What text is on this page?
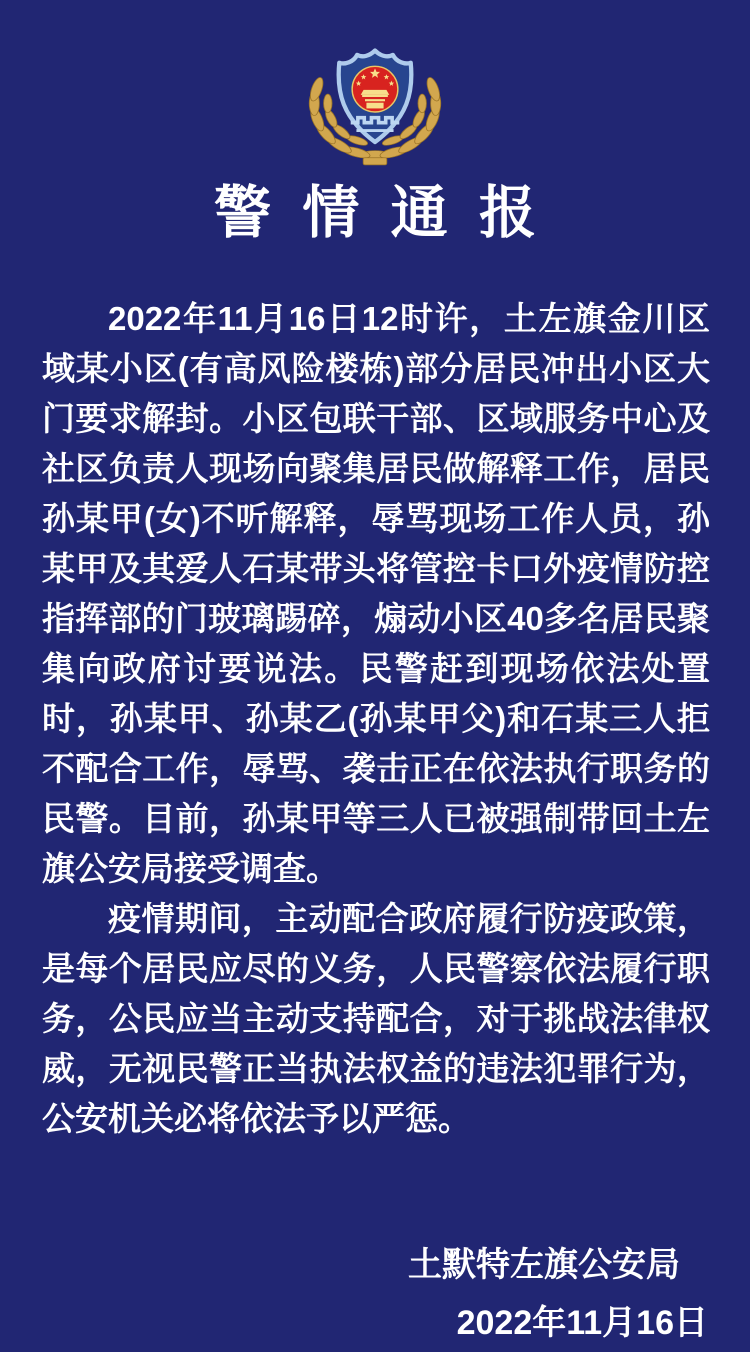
警情通报

2022年11月16日12时许，土左旗金川区域某小区(有高风险楼栋)部分居民冲出小区大门要求解封。小区包联干部、区域服务中心及社区负责人现场向聚集居民做解释工作，居民孙某甲(女)不听解释，辱骂现场工作人员，孙某甲及其爱人石某带头将管控卡口外疫情防控指挥部的门玻璃踢碎，煽动小区40多名居民聚集向政府讨要说法。民警赶到现场依法处置时，孙某甲、孙某乙(孙某甲父)和石某三人拒不配合工作，辱骂、袭击正在依法执行职务的民警。目前，孙某甲等三人已被强制带回土左旗公安局接受调查。

疫情期间，主动配合政府履行防疫政策，是每个居民应尽的义务，人民警察依法履行职务，公民应当主动支持配合，对于挑战法律权威，无视民警正当执法权益的违法犯罪行为，公安机关必将依法予以严惩。

土默特左旗公安局
2022年11月16日
